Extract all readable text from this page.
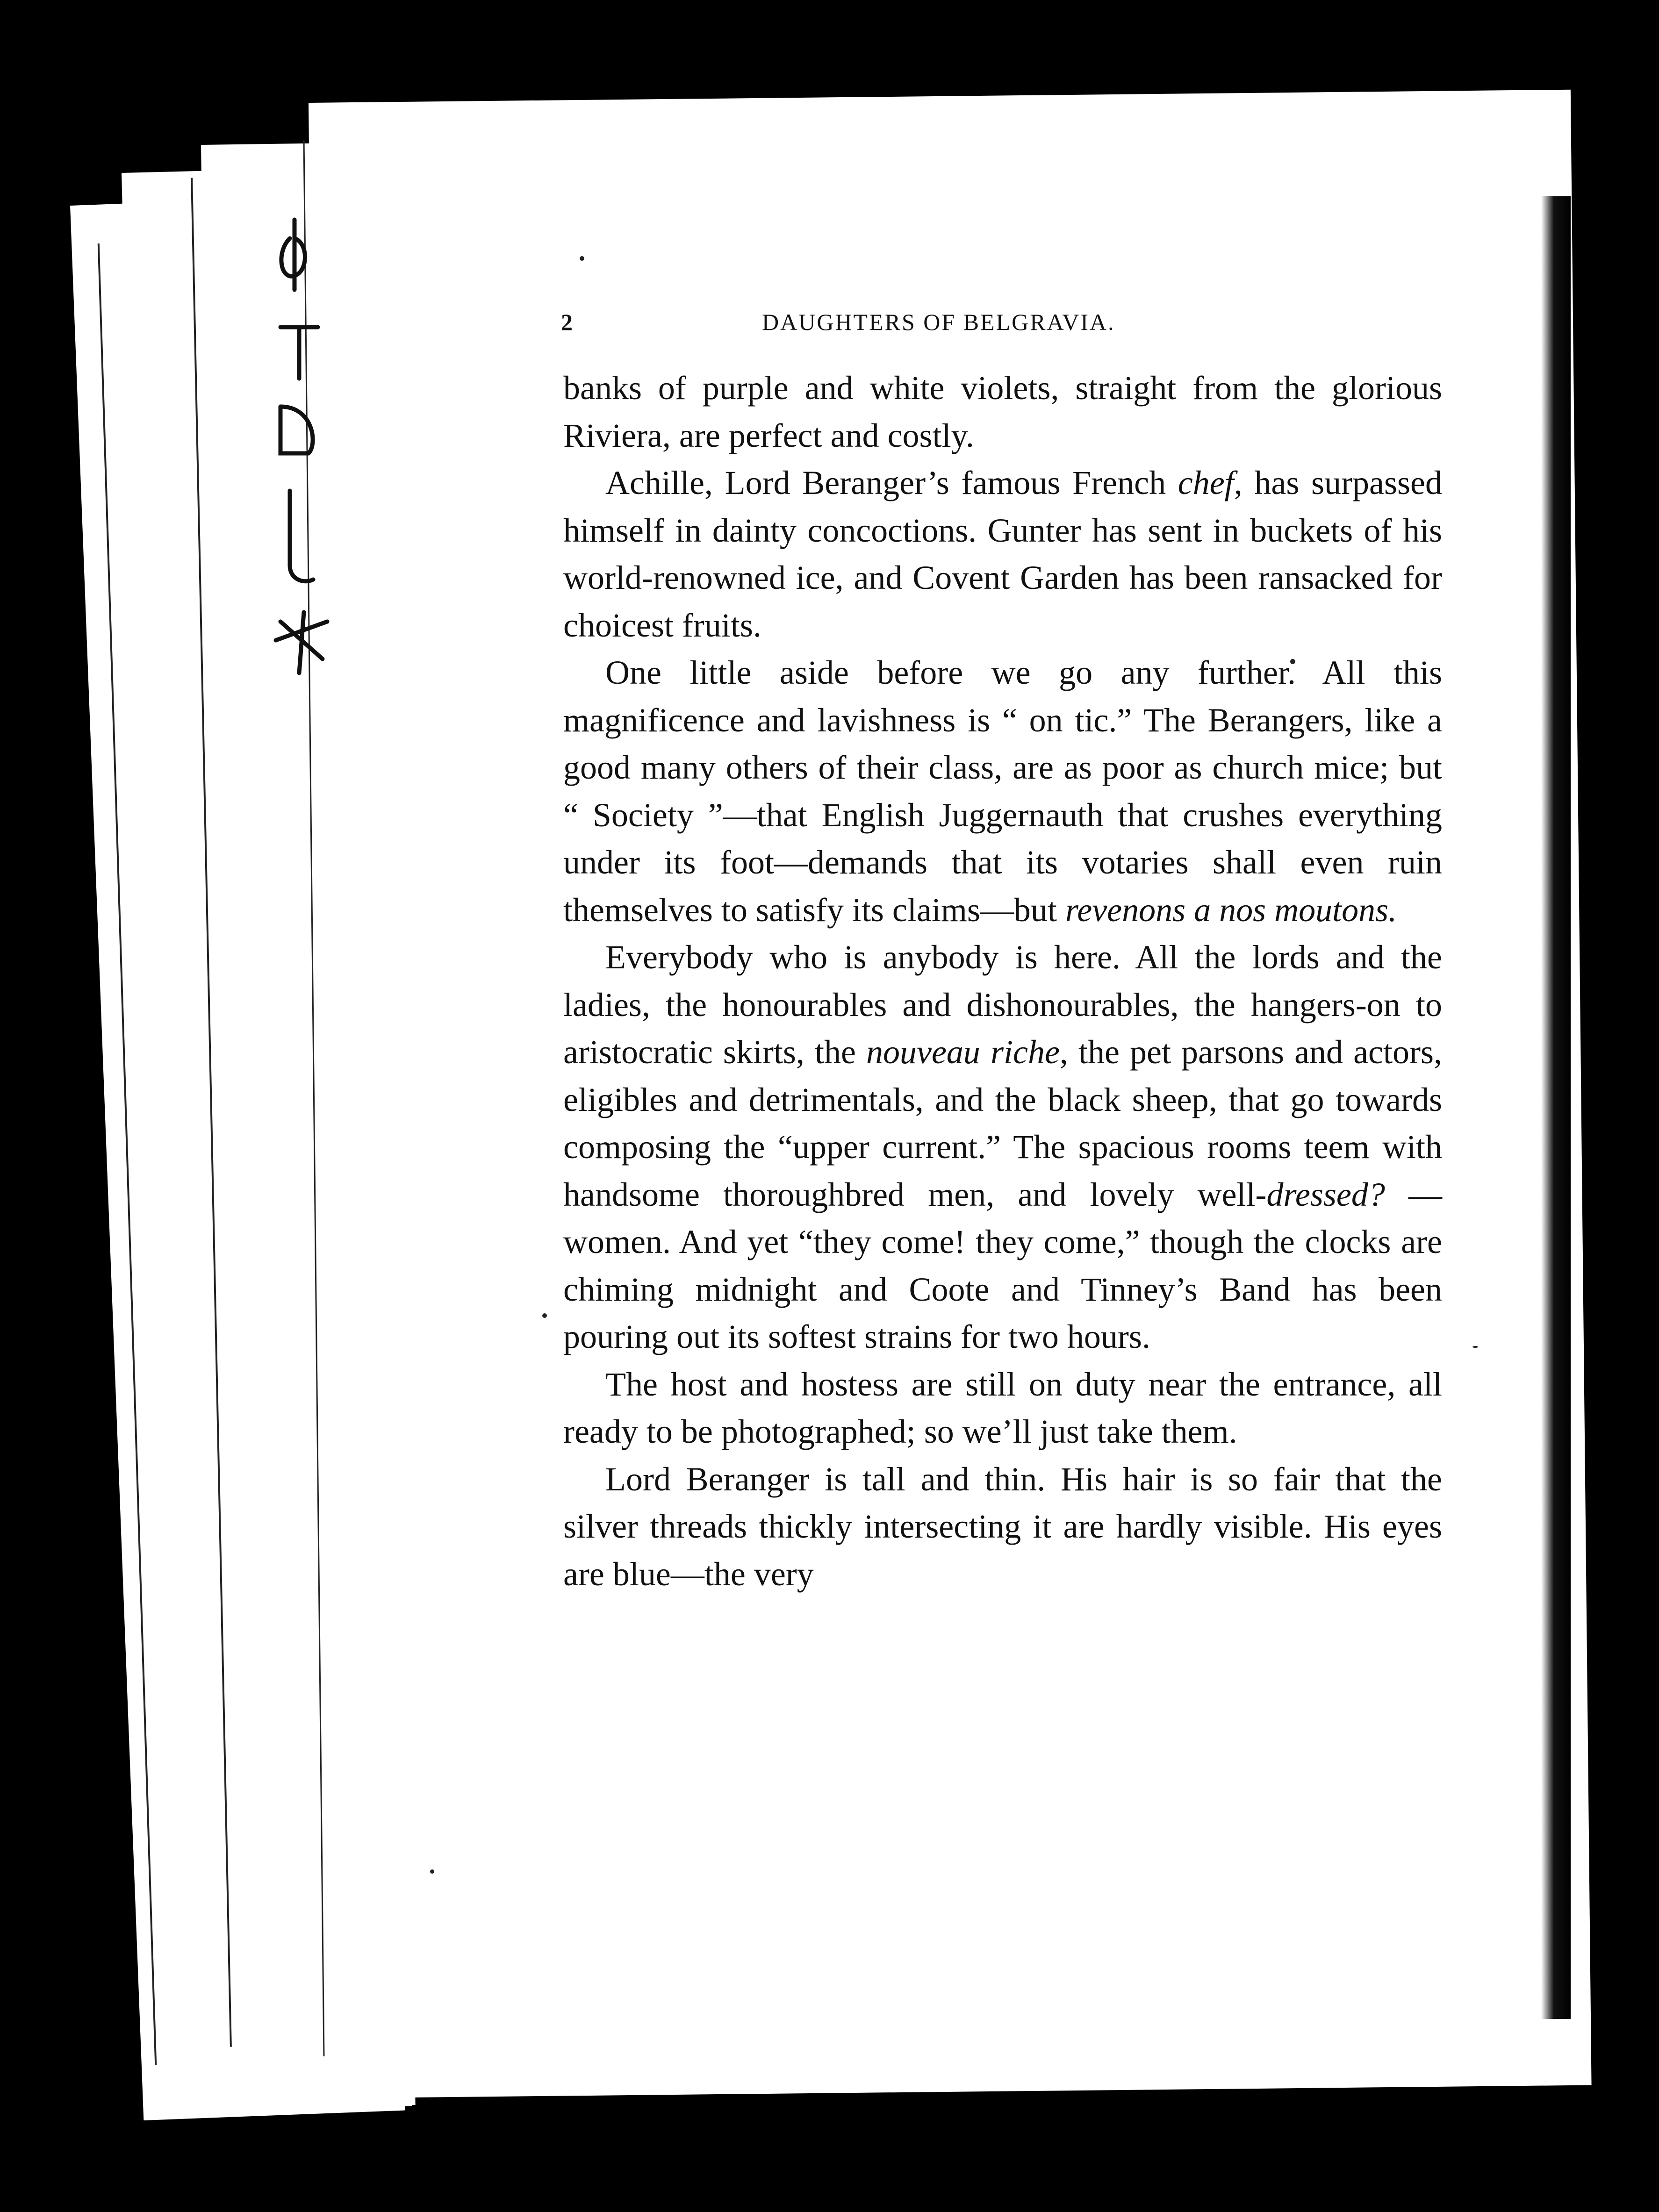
2	DAUGHTERS OF BELGRAVIA.

banks of purple and white violets, straight from the glorious Riviera, are perfect and costly.

Achille, Lord Beranger’s famous French chef, has surpassed himself in dainty concoctions. Gunter has sent in buckets of his world-renowned ice, and Covent Garden has been ransacked for choicest fruits.

One little aside before we go any further. All this magnificence and lavishness is “ on tic.” The Berangers, like a good many others of their class, are as poor as church mice; but “ Society ”—that English Juggernauth that crushes everything under its foot—demands that its votaries shall even ruin themselves to satisfy its claims—but revenons a nos moutons.

Everybody who is anybody is here. All the lords and the ladies, the honourables and dishonourables, the hangers-on to aristocratic skirts, the nouveau riche, the pet parsons and actors, eligibles and detrimentals, and the black sheep, that go towards composing the “upper current.” The spacious rooms teem with handsome thoroughbred men, and lovely well-dressed? — women. And yet “they come! they come,” though the clocks are chiming midnight and Coote and Tinney’s Band has been pouring out its softest strains for two hours.

The host and hostess are still on duty near the entrance, all ready to be photographed; so we’ll just take them.

Lord Beranger is tall and thin. His hair is so fair that the silver threads thickly intersecting it are hardly visible. His eyes are blue—the very
